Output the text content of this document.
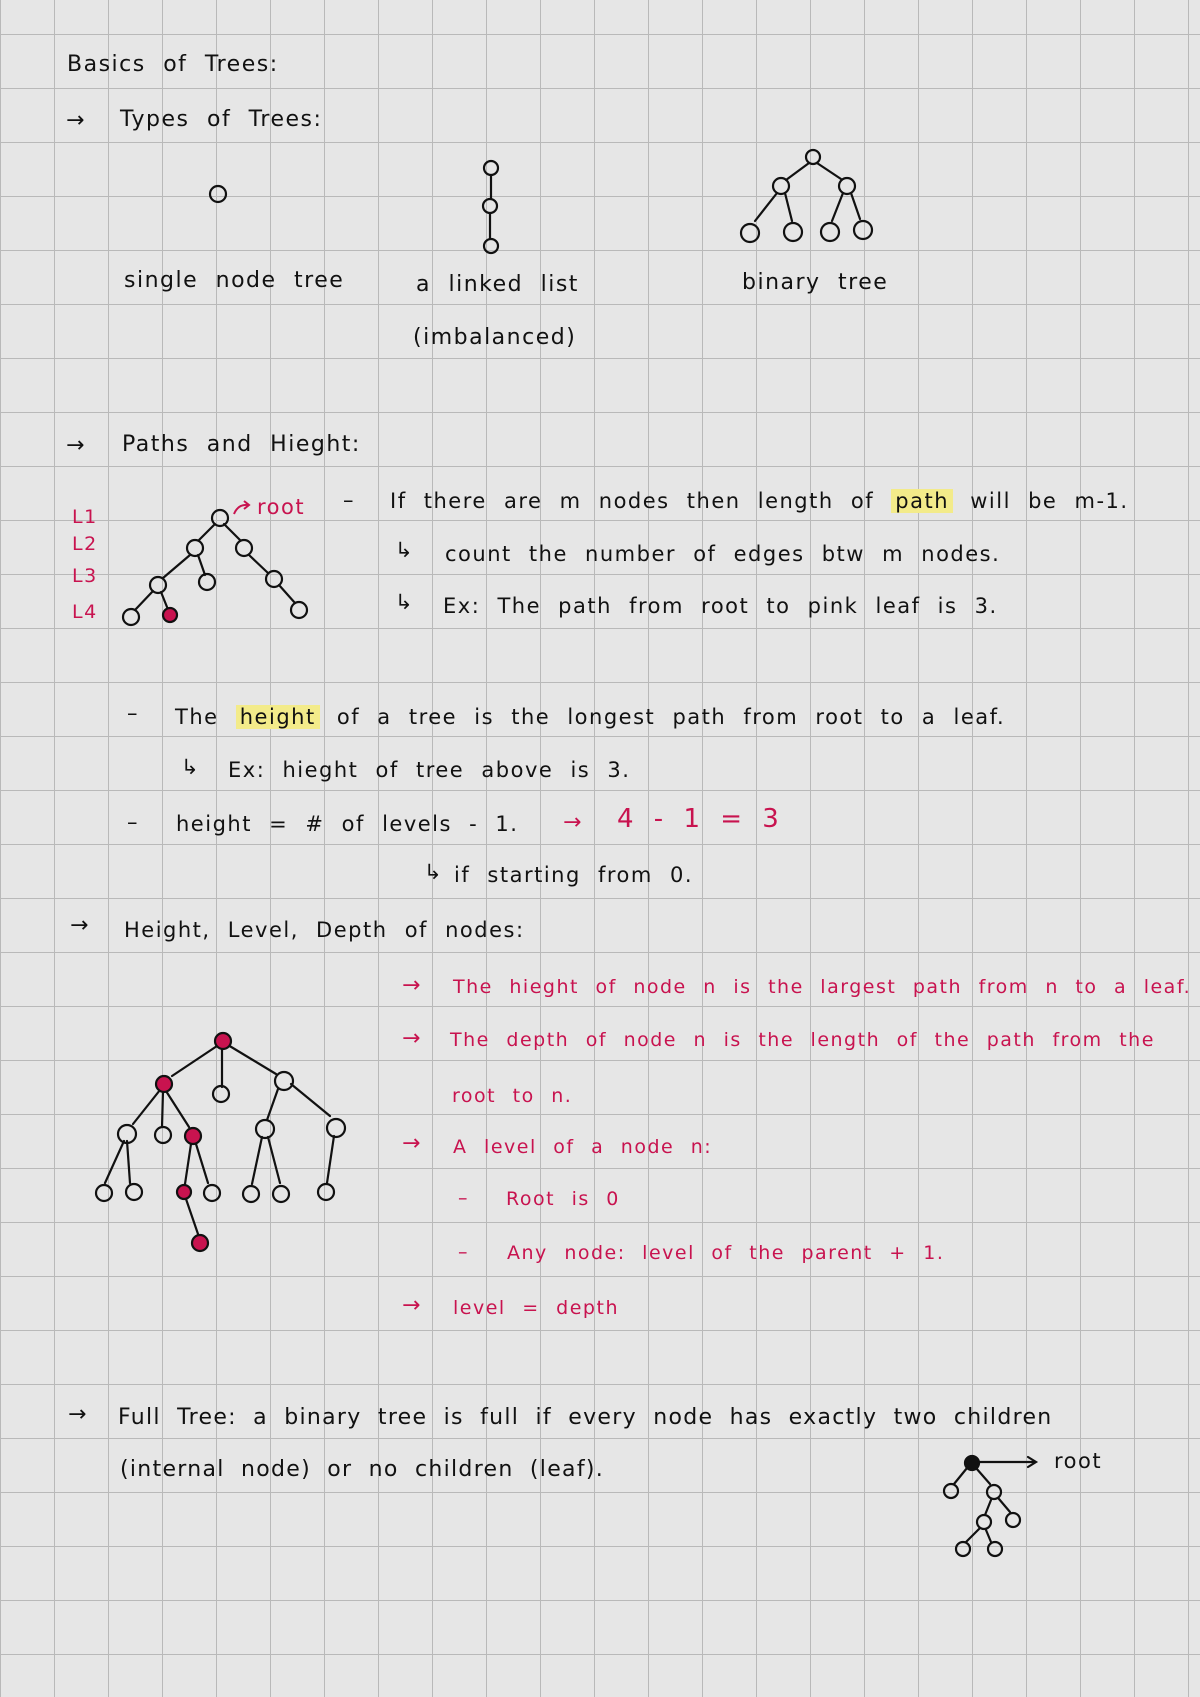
Basics of Trees:
→ Types of Trees:
single node tree	a linked list
(imbalanced)
binary tree
→ Paths and Hieght:
L1
L2
L3
L4
root – If there are m nodes then length of path will be m-1.
↳ count the number of edges btw m nodes.
↳ Ex: The path from root to pink leaf is 3.
– The height of a tree is the longest path from root to a leaf.
↳ Ex: hieght of tree above is 3.
– height = # of levels - 1. → 4 - 1 = 3
↳ if starting from 0.
→ Height, Level, Depth of nodes:
→ The hieght of node n is the largest path from n to a leaf.
→ The depth of node n is the length of the path from the
root to n.
→ A level of a node n:
– Root is 0
– Any node: level of the parent + 1.
→ level = depth
→ Full Tree: a binary tree is full if every node has exactly two children
(internal node) or no children (leaf).	root
